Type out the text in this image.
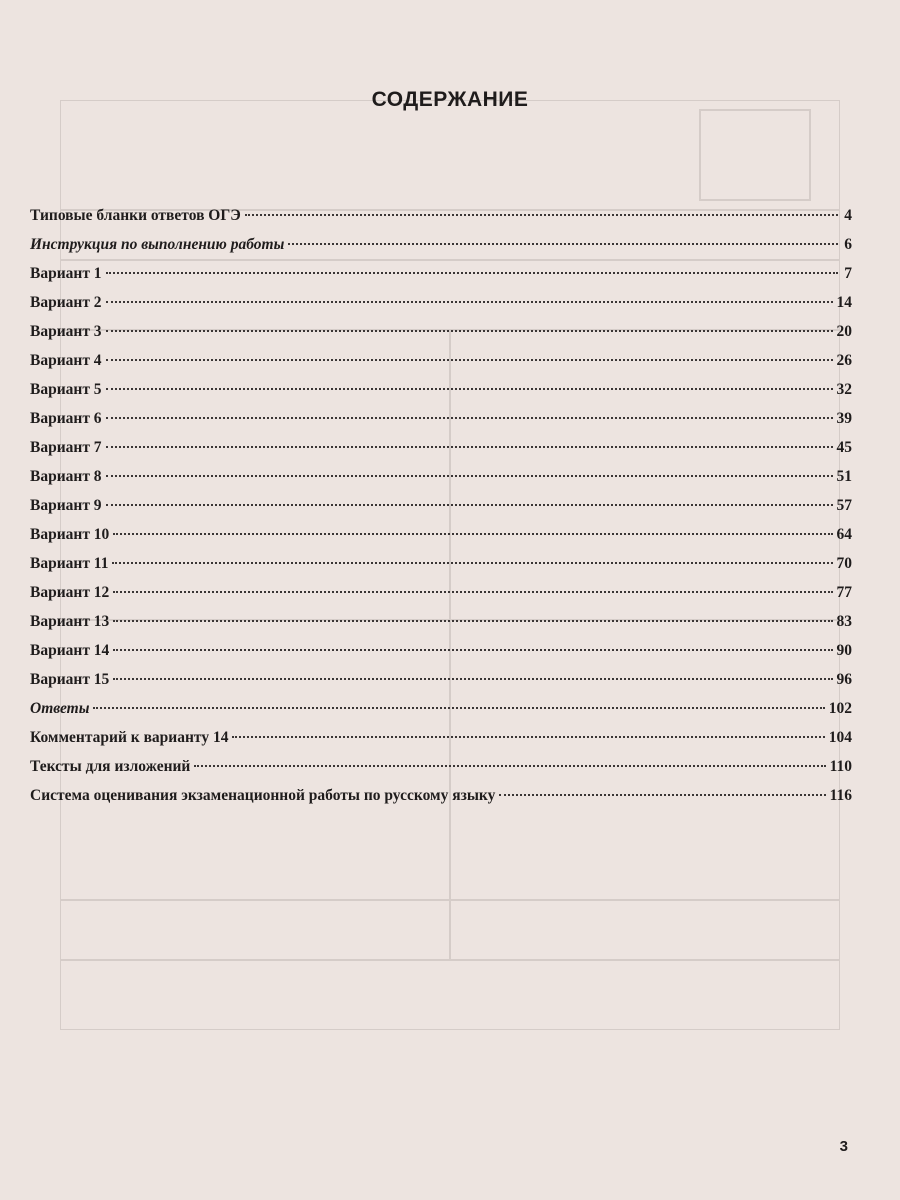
СОДЕРЖАНИЕ
Типовые бланки ответов ОГЭ	4
Инструкция по выполнению работы	6
Вариант 1	7
Вариант 2	14
Вариант 3	20
Вариант 4	26
Вариант 5	32
Вариант 6	39
Вариант 7	45
Вариант 8	51
Вариант 9	57
Вариант 10	64
Вариант 11	70
Вариант 12	77
Вариант 13	83
Вариант 14	90
Вариант 15	96
Ответы	102
Комментарий к варианту 14	104
Тексты для изложений	110
Система оценивания экзаменационной работы по русскому языку	116
3
